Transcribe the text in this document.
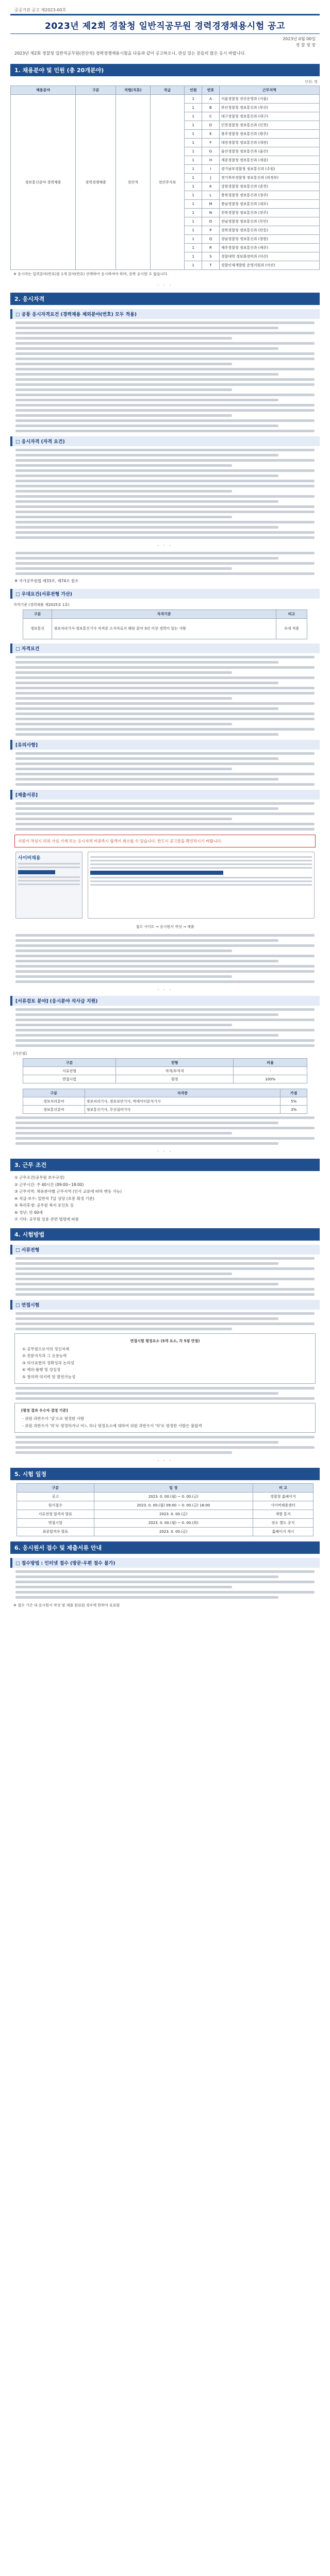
공공기관 공고 제2023-00호
2023년 제2회 경찰청 일반직공무원 경력경쟁채용시험 공고
2023년 0월 00일
경 찰 청 장
2023년 제2회 경찰청 일반직공무원(전산직) 경력경쟁채용시험을 다음과 같이 공고하오니, 관심 있는 분들의 많은 응시 바랍니다.
1. 채용분야 및 인원 (총 20개분야)
단위: 명
채용분야	구분	직렬(직류)	직급	인원	번호	근무지역
정보통신분야 경력채용	경력경쟁채용	전산직	전산주사보	1	A	서울경찰청 전산운영과 (서울)
				1	B	부산경찰청 정보통신과 (부산)
				1	C	대구경찰청 정보통신과 (대구)
				1	D	인천경찰청 정보통신과 (인천)
				1	E	광주경찰청 정보통신과 (광주)
				1	F	대전경찰청 정보통신과 (대전)
				1	G	울산경찰청 정보통신과 (울산)
				1	H	세종경찰청 정보통신과 (세종)
				1	I	경기남부경찰청 정보통신과 (수원)
				1	J	경기북부경찰청 정보통신과 (의정부)
				1	K	강원경찰청 정보통신과 (춘천)
				1	L	충북경찰청 정보통신과 (청주)
				1	M	충남경찰청 정보통신과 (내포)
				1	N	전북경찰청 정보통신과 (전주)
				1	O	전남경찰청 정보통신과 (무안)
				1	P	경북경찰청 정보통신과 (안동)
				1	Q	경남경찰청 정보통신과 (창원)
				1	R	제주경찰청 정보통신과 (제주)
				1	S	경찰대학 정보화장비과 (아산)
				1	T	경찰인재개발원 운영지원과 (아산)
※ 응시자는 입력분야(번호)를 1개 분야(번호) 선택하여 응시하여야 하며, 중복 응시할 수 없습니다.
- - -
2. 응시자격
□ 공통 응시자격요건 (경력채용 제외분야(번호) 모두 적용)
□ 응시자격 (자격 요건)
- - -
※ 국가공무원법 제33조, 제74조 참조
□ 우대요건(서류전형 가산)
자격기준 (경력채용 제2025호 1호)
구분	자격기준	비고
정보통신	정보처리기사·정보통신기사 자격증 소지자로서 해당 분야 3년 이상 경력이 있는 사람	우대 적용
□ 자격요건
[유의사항]
[제출서류]
지원서 작성시 허위 사실 기재 또는 응시자격 미충족시 합격이 취소될 수 있습니다. 반드시 공고문을 확인하시기 바랍니다.
사이버채용
접수 사이트 → 응시원서 작성 → 제출
- - -
[서류검토 분야] (응시분야 석사급 지원)
[가산점]
구분	전형	비율
서류전형	적격/부적격	-
면접시험	평정	100%
구분	자격증	가점
정보처리분야	정보처리기사, 정보보안기사, 빅데이터분석기사	5%
정보통신분야	정보통신기사, 무선설비기사	3%
- - -
3. 근무 조건
① 근무조건(공무원 보수규정)
② 근무시간: 주 40시간 (09:00~18:00)
③ 근무지역: 채용분야별 근무지역 (인사 교류에 따라 변동 가능)
④ 직급·보수: 일반직 7급 상당 (호봉 획정 기준)
⑤ 복리후생: 공무원 복지 포인트 등
⑥ 정년: 만 60세
⑦ 기타: 공무원 임용 관련 법령에 따름
4. 시험방법
□ 서류전형
□ 면접시험
면접시험 평정요소 (5개 요소, 각 5점 만점)
① 공무원으로서의 정신자세
② 전문지식과 그 응용능력
③ 의사표현의 정확성과 논리성
④ 예의·품행 및 성실성
⑤ 창의력·의지력 및 발전가능성
[평정 결과 우수자 결정 기준]
- 위원 과반수가 '상'으로 평정한 사람
- 위원 과반수가 '하'로 평정하거나 어느 하나 평정요소에 대하여 위원 과반수가 '하'로 평정한 사람은 불합격
- - -
5. 시험 일정
구분	일 정	비 고
공고	2023. 0. 00.(월) ~ 0. 00.(금)	경찰청 홈페이지
원서접수	2023. 0. 00.(월) 09:00 ~ 0. 00.(금) 18:00	사이버채용센터
서류전형 합격자 발표	2023. 0. 00.(금)	개별 통지
면접시험	2023. 0. 00.(월) ~ 0. 00.(화)	장소 별도 공지
최종합격자 발표	2023. 0. 00.(금)	홈페이지 게시
6. 응시원서 접수 및 제출서류 안내
□ 접수방법 : 인터넷 접수 (방문·우편 접수 불가)
※ 접수 기간 내 응시원서 작성 및 제출 완료된 경우에 한하여 유효함
